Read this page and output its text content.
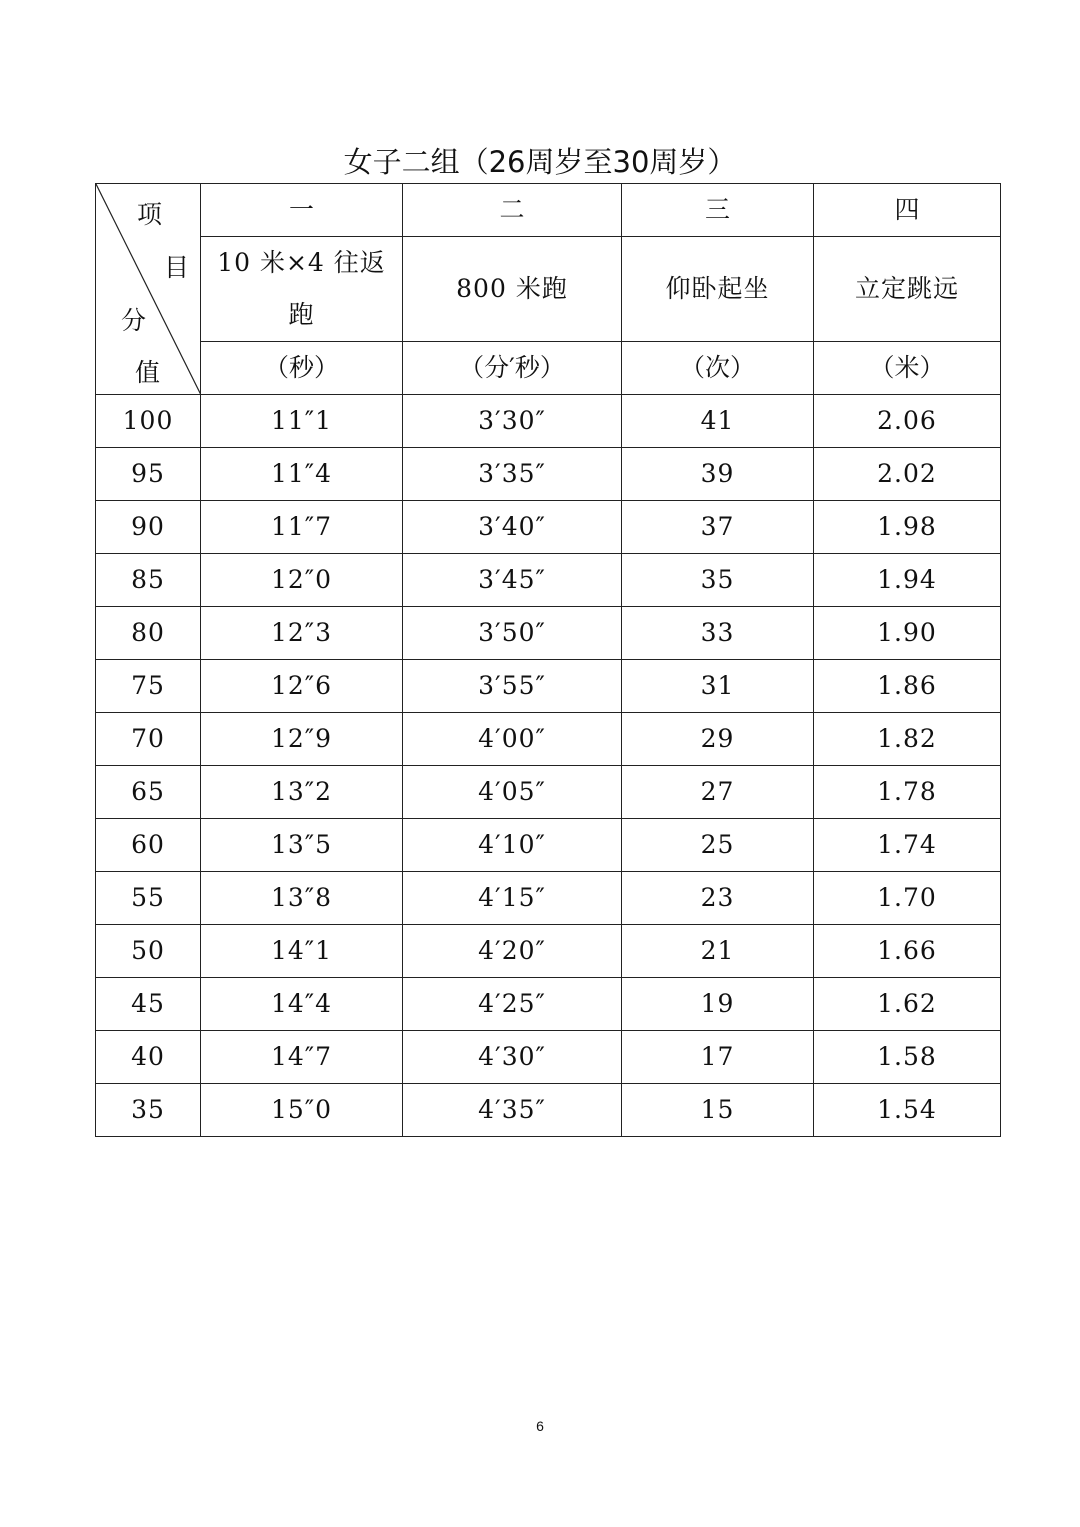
女子二组（26周岁至30周岁）
项
目
分
值	一	二	三	四
	10 米×4 往返跑	800 米跑	仰卧起坐	立定跳远
	（秒）	（分′秒）	（次）	（米）
100	11″1	3′30″	41	2.06
95	11″4	3′35″	39	2.02
90	11″7	3′40″	37	1.98
85	12″0	3′45″	35	1.94
80	12″3	3′50″	33	1.90
75	12″6	3′55″	31	1.86
70	12″9	4′00″	29	1.82
65	13″2	4′05″	27	1.78
60	13″5	4′10″	25	1.74
55	13″8	4′15″	23	1.70
50	14″1	4′20″	21	1.66
45	14″4	4′25″	19	1.62
40	14″7	4′30″	17	1.58
35	15″0	4′35″	15	1.54
6
